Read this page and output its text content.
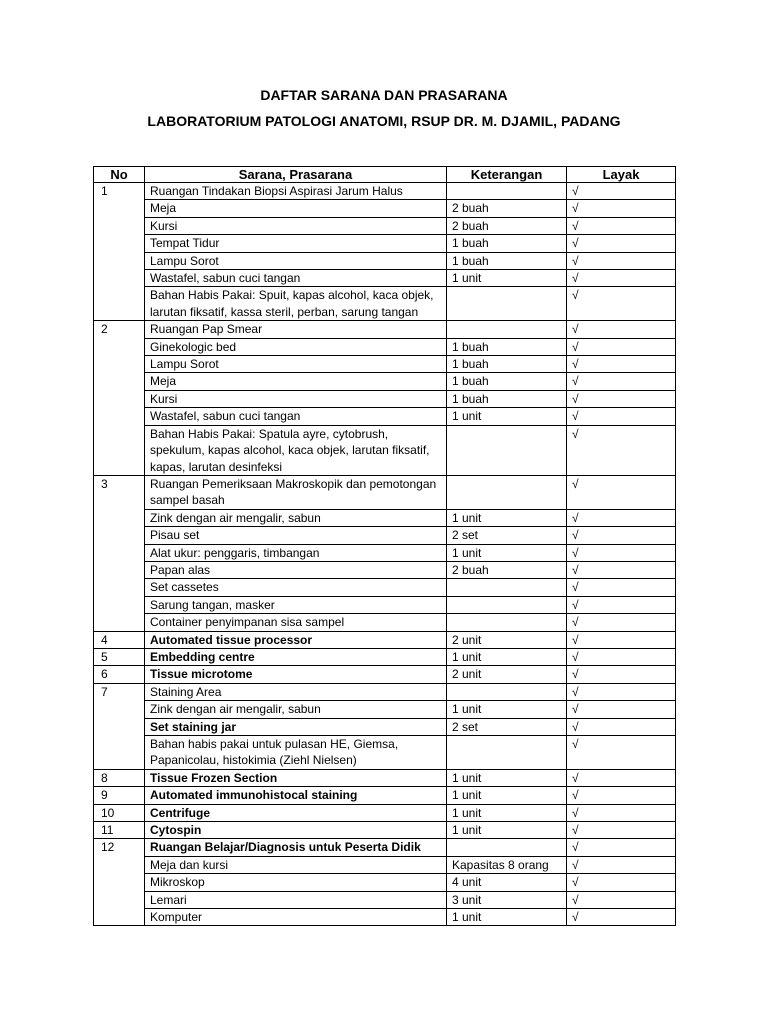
DAFTAR SARANA DAN PRASARANA
LABORATORIUM PATOLOGI ANATOMI, RSUP DR. M. DJAMIL, PADANG
No	Sarana, Prasarana	Keterangan	Layak
1	Ruangan Tindakan Biopsi Aspirasi Jarum Halus		√
	Meja	2 buah	√
	Kursi	2 buah	√
	Tempat Tidur	1 buah	√
	Lampu Sorot	1 buah	√
	Wastafel, sabun cuci tangan	1 unit	√
	Bahan Habis Pakai: Spuit, kapas alcohol, kaca objek, larutan fiksatif, kassa steril, perban, sarung tangan		√
2	Ruangan Pap Smear		√
	Ginekologic bed	1 buah	√
	Lampu Sorot	1 buah	√
	Meja	1 buah	√
	Kursi	1 buah	√
	Wastafel, sabun cuci tangan	1 unit	√
	Bahan Habis Pakai: Spatula ayre, cytobrush, spekulum, kapas alcohol, kaca objek, larutan fiksatif, kapas, larutan desinfeksi		√
3	Ruangan Pemeriksaan Makroskopik dan pemotongan sampel basah		√
	Zink dengan air mengalir, sabun	1 unit	√
	Pisau set	2 set	√
	Alat ukur: penggaris, timbangan	1 unit	√
	Papan alas	2 buah	√
	Set cassetes		√
	Sarung tangan, masker		√
	Container penyimpanan sisa sampel		√
4	Automated tissue processor	2 unit	√
5	Embedding centre	1 unit	√
6	Tissue microtome	2 unit	√
7	Staining Area		√
	Zink dengan air mengalir, sabun	1 unit	√
	Set staining jar	2 set	√
	Bahan habis pakai untuk pulasan HE, Giemsa, Papanicolau, histokimia (Ziehl Nielsen)		√
8	Tissue Frozen Section	1 unit	√
9	Automated immunohistocal staining	1 unit	√
10	Centrifuge	1 unit	√
11	Cytospin	1 unit	√
12	Ruangan Belajar/Diagnosis untuk Peserta Didik		√
	Meja dan kursi	Kapasitas 8 orang	√
	Mikroskop	4 unit	√
	Lemari	3 unit	√
	Komputer	1 unit	√
